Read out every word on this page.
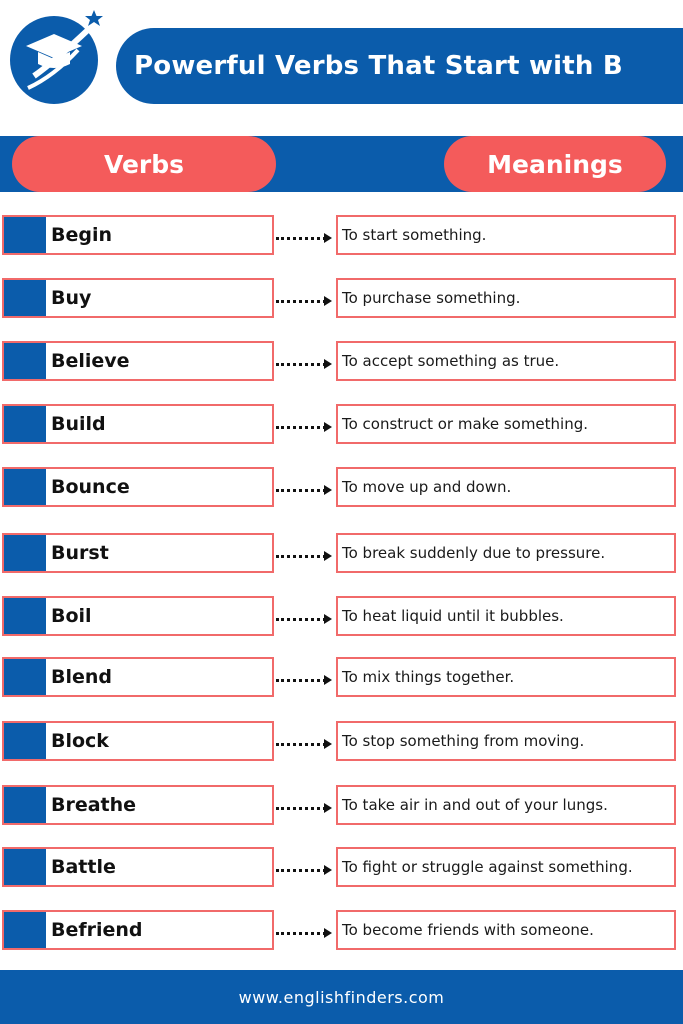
Powerful Verbs That Start with B
Verbs	Meanings
Begin	To start something.
Buy	To purchase something.
Believe	To accept something as true.
Build	To construct or make something.
Bounce	To move up and down.
Burst	To break suddenly due to pressure.
Boil	To heat liquid until it bubbles.
Blend	To mix things together.
Block	To stop something from moving.
Breathe	To take air in and out of your lungs.
Battle	To fight or struggle against something.
Befriend	To become friends with someone.
www.englishfinders.com
